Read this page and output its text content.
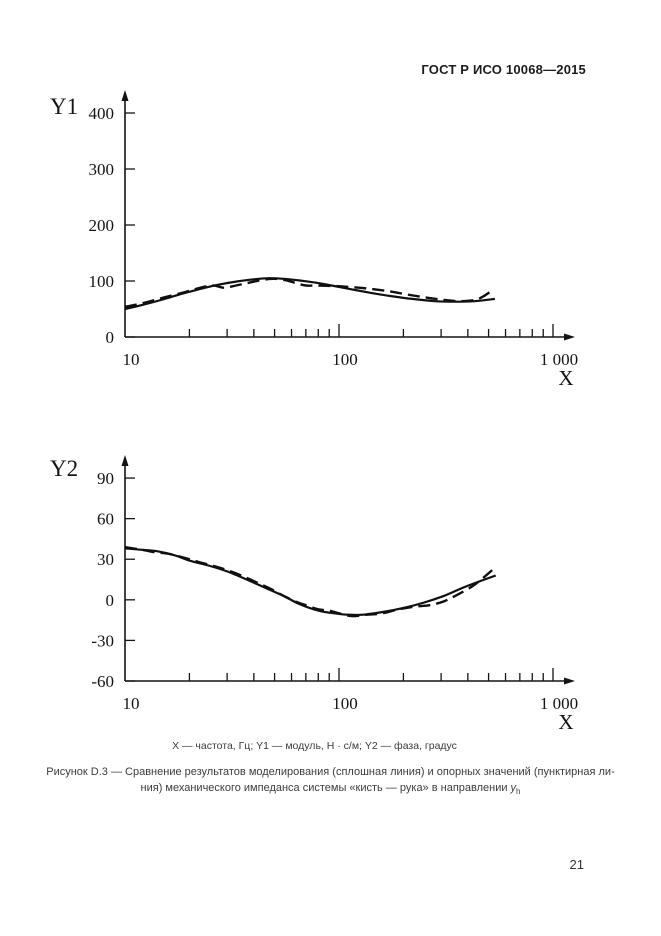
ГОСТ Р ИСО 10068—2015
0
100
200
300
400
10	100	1 000
Y1
X
-60
-30
0
30
60
90
10	100	1 000
Y2
X
X — частота, Гц; Y1 — модуль, Н · с/м; Y2 — фаза, градус
Рисунок D.3 — Сравнение результатов моделирования (сплошная линия) и опорных значений (пунктирная ли-
ния) механического импеданса системы «кисть — рука» в направлении $y_h$
21
